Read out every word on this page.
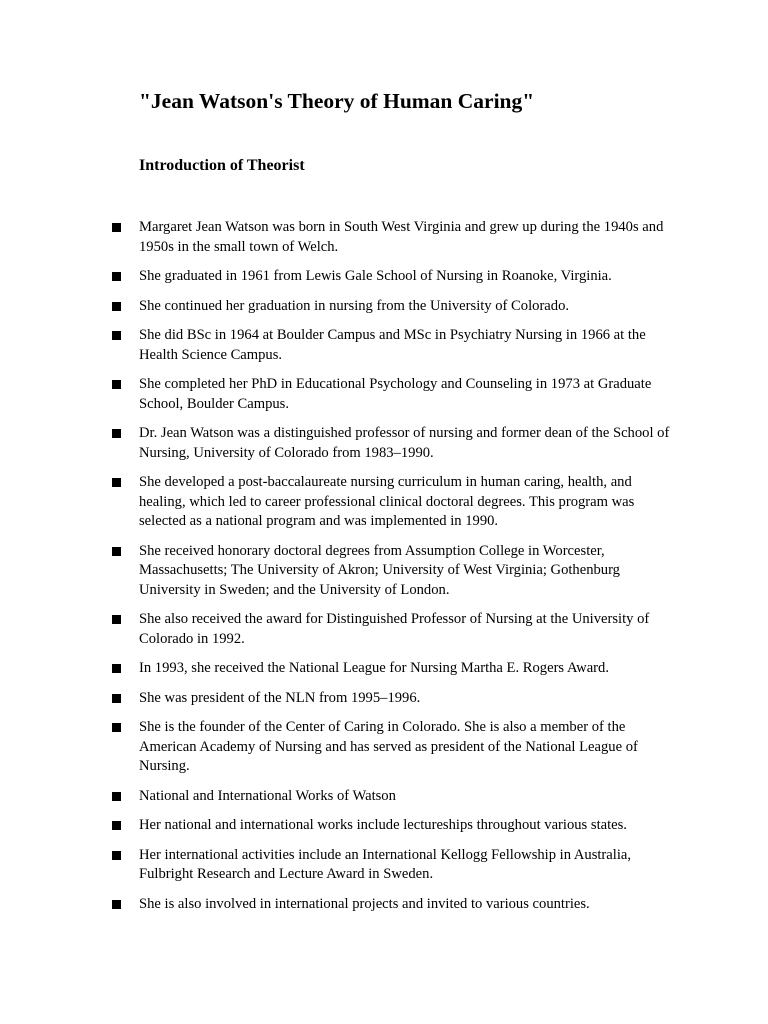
"Jean Watson's Theory of Human Caring"
Introduction of Theorist
Margaret Jean Watson was born in South West Virginia and grew up during the 1940s and 1950s in the small town of Welch.
She graduated in 1961 from Lewis Gale School of Nursing in Roanoke, Virginia.
She continued her graduation in nursing from the University of Colorado.
She did BSc in 1964 at Boulder Campus and MSc in Psychiatry Nursing in 1966 at the Health Science Campus.
She completed her PhD in Educational Psychology and Counseling in 1973 at Graduate School, Boulder Campus.
Dr. Jean Watson was a distinguished professor of nursing and former dean of the School of Nursing, University of Colorado from 1983–1990.
She developed a post-baccalaureate nursing curriculum in human caring, health, and healing, which led to career professional clinical doctoral degrees. This program was selected as a national program and was implemented in 1990.
She received honorary doctoral degrees from Assumption College in Worcester, Massachusetts; The University of Akron; University of West Virginia; Gothenburg University in Sweden; and the University of London.
She also received the award for Distinguished Professor of Nursing at the University of Colorado in 1992.
In 1993, she received the National League for Nursing Martha E. Rogers Award.
She was president of the NLN from 1995–1996.
She is the founder of the Center of Caring in Colorado. She is also a member of the American Academy of Nursing and has served as president of the National League of Nursing.
National and International Works of Watson
Her national and international works include lectureships throughout various states.
Her international activities include an International Kellogg Fellowship in Australia, Fulbright Research and Lecture Award in Sweden.
She is also involved in international projects and invited to various countries.
